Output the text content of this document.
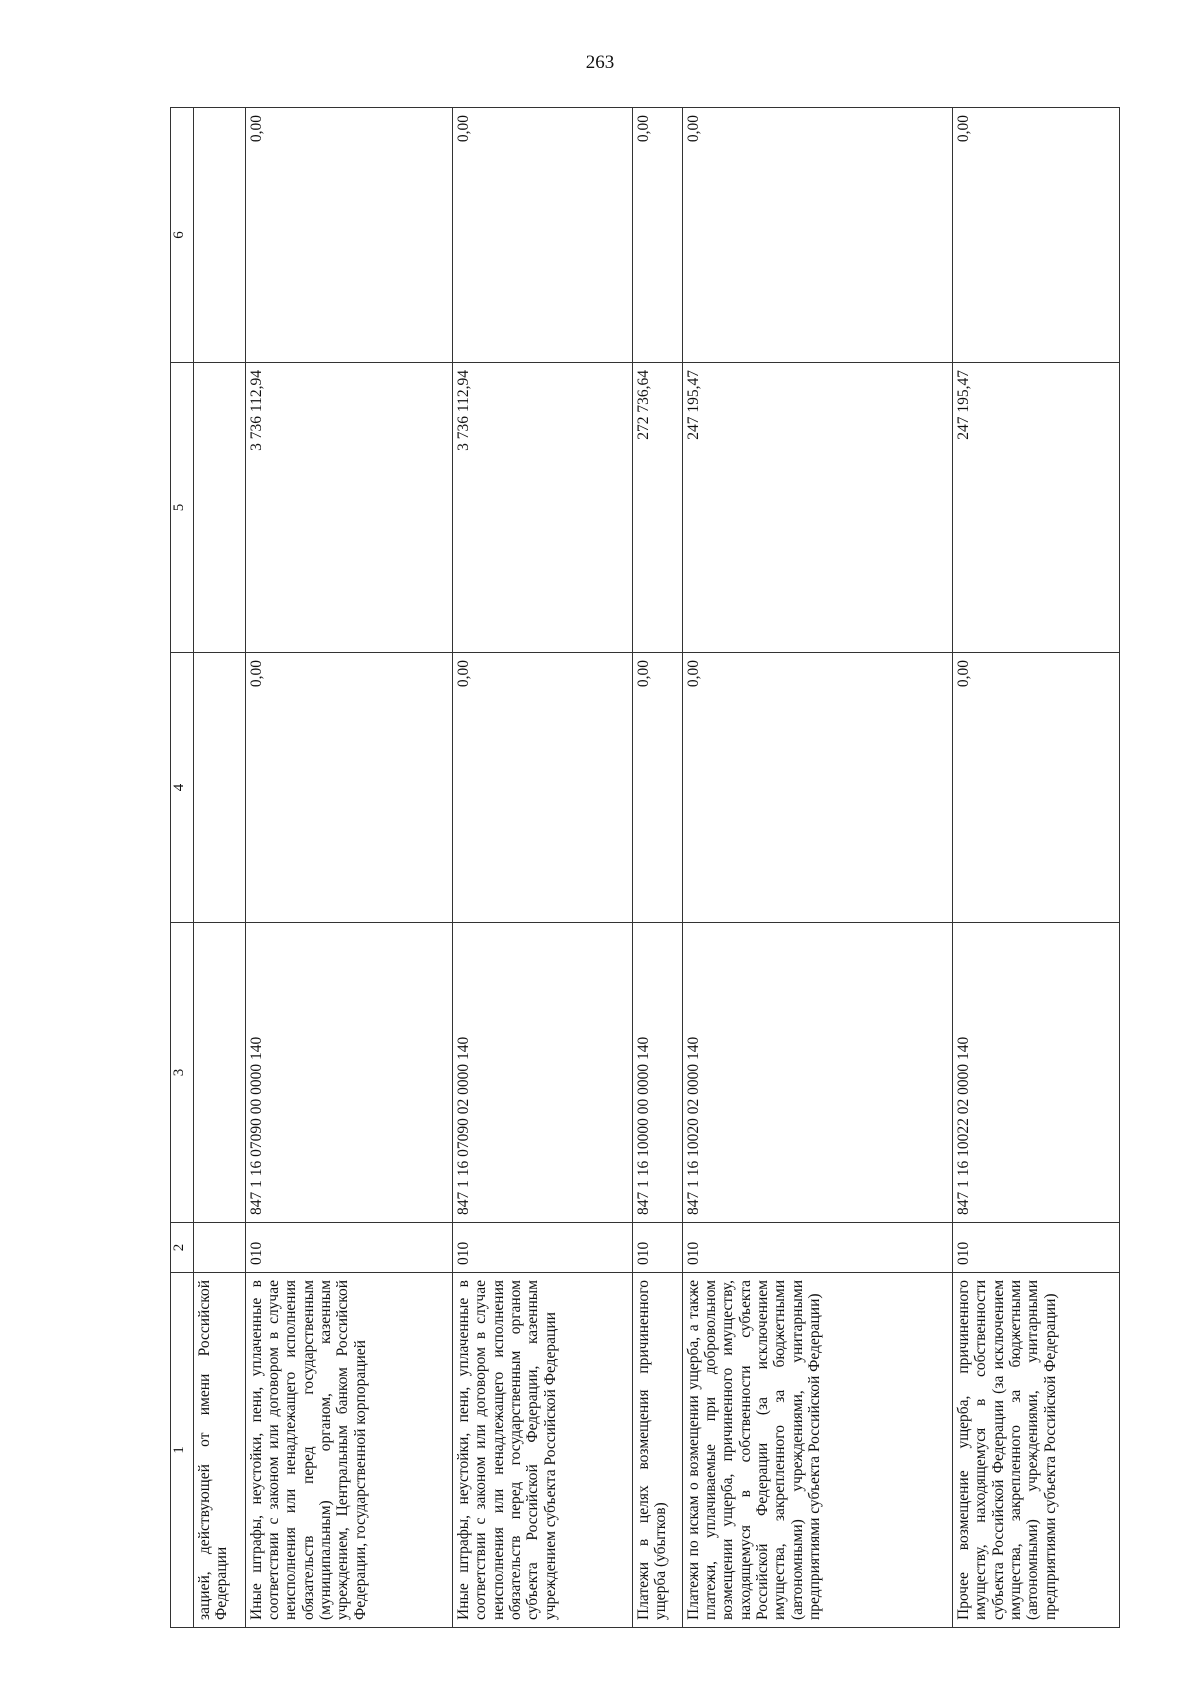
263
1	2	3	4	5	6
зацией, действующей от имени Российской Федерации					
Иные штрафы, неустойки, пени, уплаченные в соответствии с законом или договором в случае неисполнения или ненадлежащего исполнения обязательств перед государственным (муниципальным) органом, казенным учреждением, Центральным банком Российской Федерации, государственной корпорацией	010	847 1 16 07090 00 0000 140	0,00	3 736 112,94	0,00
Иные штрафы, неустойки, пени, уплаченные в соответствии с законом или договором в случае неисполнения или ненадлежащего исполнения обязательств перед государственным органом субъекта Российской Федерации, казенным учреждением субъекта Российской Федерации	010	847 1 16 07090 02 0000 140	0,00	3 736 112,94	0,00
Платежи в целях возмещения причиненного ущерба (убытков)	010	847 1 16 10000 00 0000 140	0,00	272 736,64	0,00
Платежи по искам о возмещении ущерба, а также платежи, уплачиваемые при добровольном возмещении ущерба, причиненного имуществу, находящемуся в собственности субъекта Российской Федерации (за исключением имущества, закрепленного за бюджетными (автономными) учреждениями, унитарными предприятиями субъекта Российской Федерации)	010	847 1 16 10020 02 0000 140	0,00	247 195,47	0,00
Прочее возмещение ущерба, причиненного имуществу, находящемуся в собственности субъекта Российской Федерации (за исключением имущества, закрепленного за бюджетными (автономными) учреждениями, унитарными предприятиями субъекта Российской Федерации)	010	847 1 16 10022 02 0000 140	0,00	247 195,47	0,00
